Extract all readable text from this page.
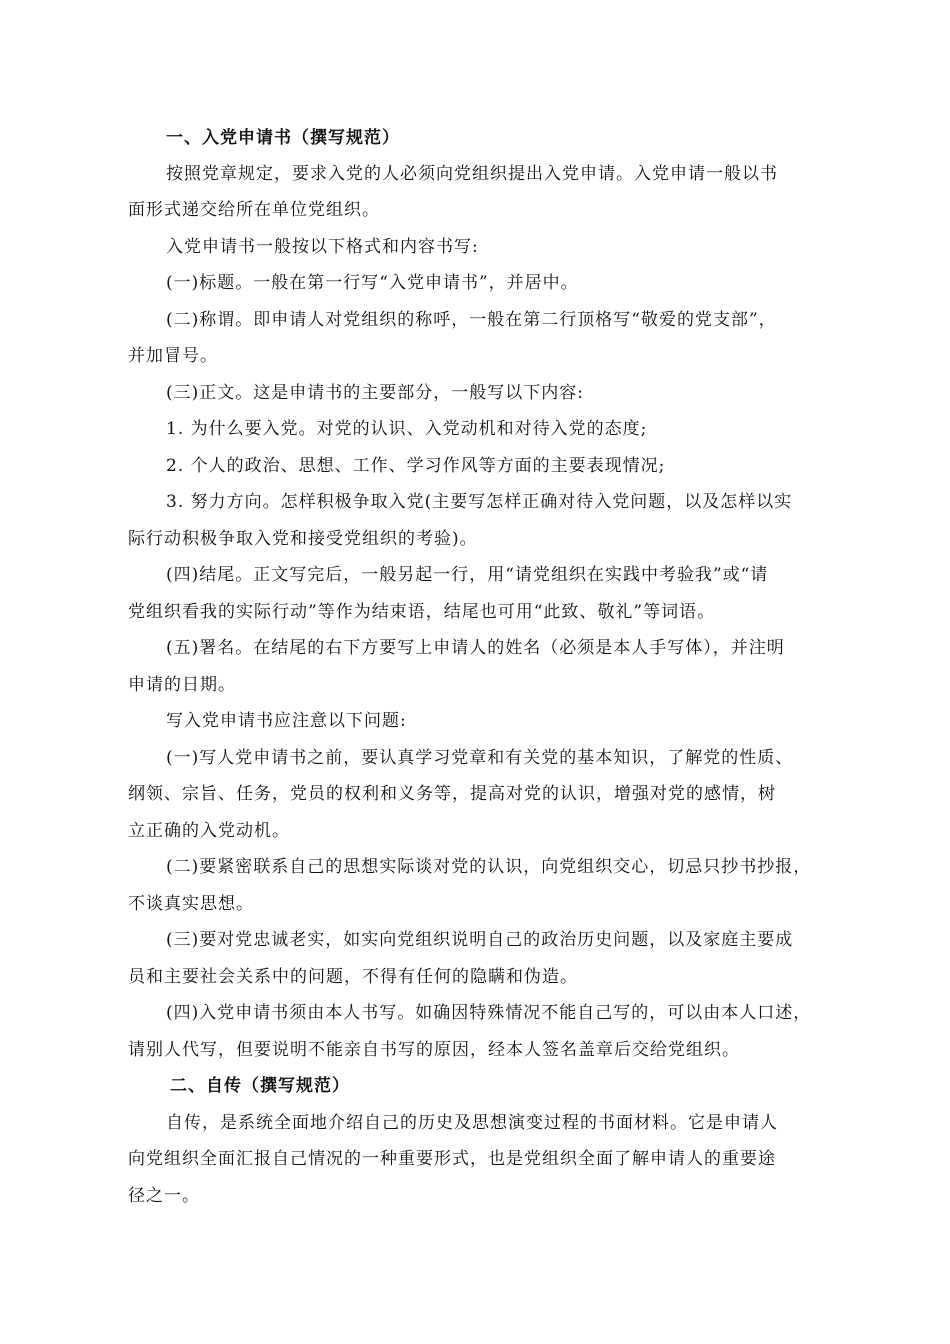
一、入党申请书（撰写规范）
按照党章规定，要求入党的人必须向党组织提出入党申请。入党申请一般以书
面形式递交给所在单位党组织。
入党申请书一般按以下格式和内容书写:
(一)标题。一般在第一行写“入党申请书”，并居中。
(二)称谓。即申请人对党组织的称呼，一般在第二行顶格写“敬爱的党支部”，
并加冒号。
(三)正文。这是申请书的主要部分，一般写以下内容:
1. 为什么要入党。对党的认识、入党动机和对待入党的态度;
2. 个人的政治、思想、工作、学习作风等方面的主要表现情况;
3. 努力方向。怎样积极争取入党(主要写怎样正确对待入党问题，以及怎样以实
际行动积极争取入党和接受党组织的考验)。
(四)结尾。正文写完后，一般另起一行，用“请党组织在实践中考验我”或“请
党组织看我的实际行动”等作为结束语，结尾也可用“此致、敬礼”等词语。
(五)署名。在结尾的右下方要写上申请人的姓名（必须是本人手写体），并注明
申请的日期。
写入党申请书应注意以下问题:
(一)写人党申请书之前，要认真学习党章和有关党的基本知识，了解党的性质、
纲领、宗旨、任务，党员的权利和义务等，提高对党的认识，增强对党的感情，树
立正确的入党动机。
(二)要紧密联系自己的思想实际谈对党的认识，向党组织交心，切忌只抄书抄报，
不谈真实思想。
(三)要对党忠诚老实，如实向党组织说明自己的政治历史问题，以及家庭主要成
员和主要社会关系中的问题，不得有任何的隐瞒和伪造。
(四)入党申请书须由本人书写。如确因特殊情况不能自己写的，可以由本人口述，
请别人代写，但要说明不能亲自书写的原因，经本人签名盖章后交给党组织。
二、自传（撰写规范）
自传，是系统全面地介绍自己的历史及思想演变过程的书面材料。它是申请人
向党组织全面汇报自己情况的一种重要形式，也是党组织全面了解申请人的重要途
径之一。
